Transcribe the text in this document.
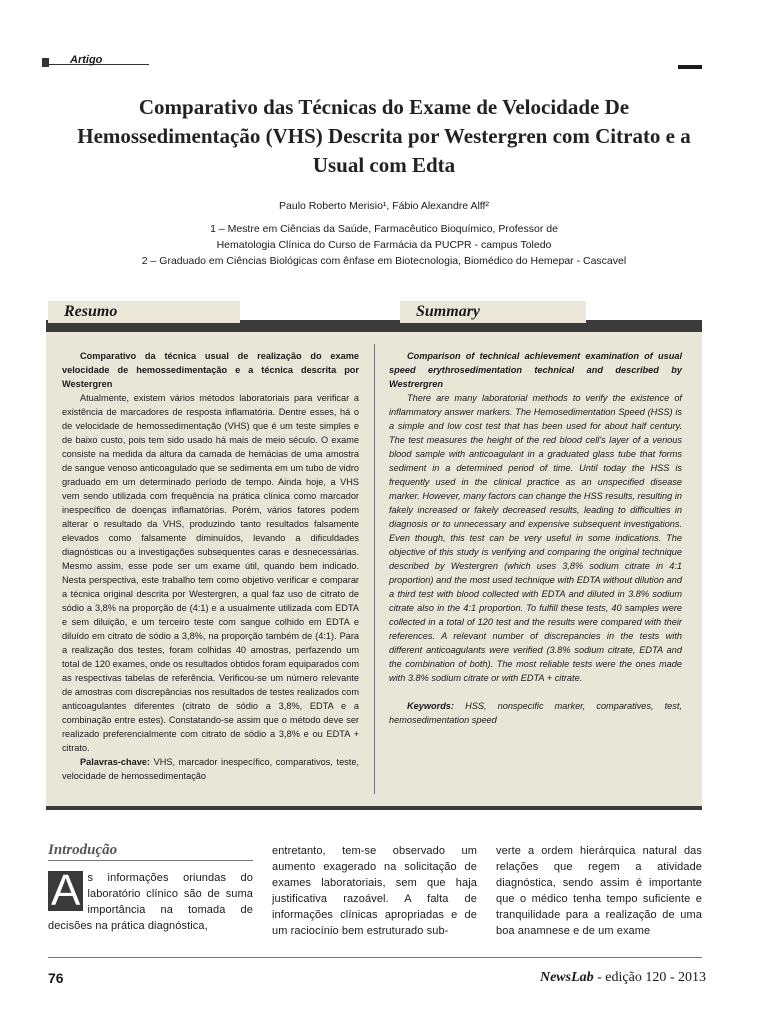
Artigo
Comparativo das Técnicas do Exame de Velocidade De Hemossedimentação (VHS) Descrita por Westergren com Citrato e a Usual com Edta
Paulo Roberto Merisio¹, Fábio Alexandre Alff²
1 – Mestre em Ciências da Saúde, Farmacêutico Bioquímico, Professor de
Hematologia Clínica do Curso de Farmácia da PUCPR - campus Toledo
2 – Graduado em Ciências Biológicas com ênfase em Biotecnologia, Biomédico do Hemepar - Cascavel
Resumo	Summary

Comparativo da técnica usual de realização do exame velocidade de hemossedimentação e a técnica descrita por Westergren

Atualmente, existem vários métodos laboratoriais para verificar a existência de marcadores de resposta inflamatória. Dentre esses, há o de velocidade de hemossedimentação (VHS) que é um teste simples e de baixo custo, pois tem sido usado há mais de meio século. O exame consiste na medida da altura da camada de hemácias de uma amostra de sangue venoso anticoagulado que se sedimenta em um tubo de vidro graduado em um determinado período de tempo. Ainda hoje, a VHS vem sendo utilizada com frequência na prática clínica como marcador inespecífico de doenças inflamatórias. Porém, vários fatores podem alterar o resultado da VHS, produzindo tanto resultados falsamente elevados como falsamente diminuídos, levando a dificuldades diagnósticas ou a investigações subsequentes caras e desnecessárias. Mesmo assim, esse pode ser um exame útil, quando bem indicado. Nesta perspectiva, este trabalho tem como objetivo verificar e comparar a técnica original descrita por Westergren, a qual faz uso de citrato de sódio a 3,8% na proporção de (4:1) e a usualmente utilizada com EDTA e sem diluição, e um terceiro teste com sangue colhido em EDTA e diluído em citrato de sódio a 3,8%, na proporção também de (4:1). Para a realização dos testes, foram colhidas 40 amostras, perfazendo um total de 120 exames, onde os resultados obtidos foram equiparados com as respectivas tabelas de referência. Verificou-se um número relevante de amostras com discrepâncias nos resultados de testes realizados com anticoagulantes diferentes (citrato de sódio a 3,8%, EDTA e a combinação entre estes). Constatando-se assim que o método deve ser realizado preferencialmente com citrato de sódio a 3,8% e ou EDTA + citrato.

Palavras-chave: VHS, marcador inespecífico, comparativos, teste, velocidade de hemossedimentação

Comparison of technical achievement examination of usual speed erythrosedimentation technical and described by Westrergren

There are many laboratorial methods to verify the existence of inflammatory answer markers. The Hemosedimentation Speed (HSS) is a simple and low cost test that has been used for about half century. The test measures the height of the red blood cell's layer of a venous blood sample with anticoagulant in a graduated glass tube that forms sediment in a determined period of time. Until today the HSS is frequently used in the clinical practice as an unspecified disease marker. However, many factors can change the HSS results, resulting in fakely increased or fakely decreased results, leading to difficulties in diagnosis or to unnecessary and expensive subsequent investigations. Even though, this test can be very useful in some indications. The objective of this study is verifying and comparing the original technique described by Westergren (which uses 3,8% sodium citrate in 4:1 proportion) and the most used technique with EDTA without dilution and a third test with blood collected with EDTA and diluted in 3.8% sodium citrate also in the 4:1 proportion. To fulfill these tests, 40 samples were collected in a total of 120 test and the results were compared with their references. A relevant number of discrepancies in the tests with different anticoagulants were verified (3.8% sodium citrate, EDTA and the combination of both). The most reliable tests were the ones made with 3.8% sodium citrate or with EDTA + citrate.

Keywords: HSS, nonspecific marker, comparatives, test, hemosedimentation speed

Introdução
A s informações oriundas do laboratório clínico são de suma importância na tomada de decisões na prática diagnóstica,
entretanto, tem-se observado um aumento exagerado na solicitação de exames laboratoriais, sem que haja justificativa razoável. A falta de informações clínicas apropriadas e de um raciocínio bem estruturado sub-
verte a ordem hierárquica natural das relações que regem a atividade diagnóstica, sendo assim é importante que o médico tenha tempo suficiente e tranquilidade para a realização de uma boa anamnese e de um exame
76	NewsLab - edição 120 - 2013
